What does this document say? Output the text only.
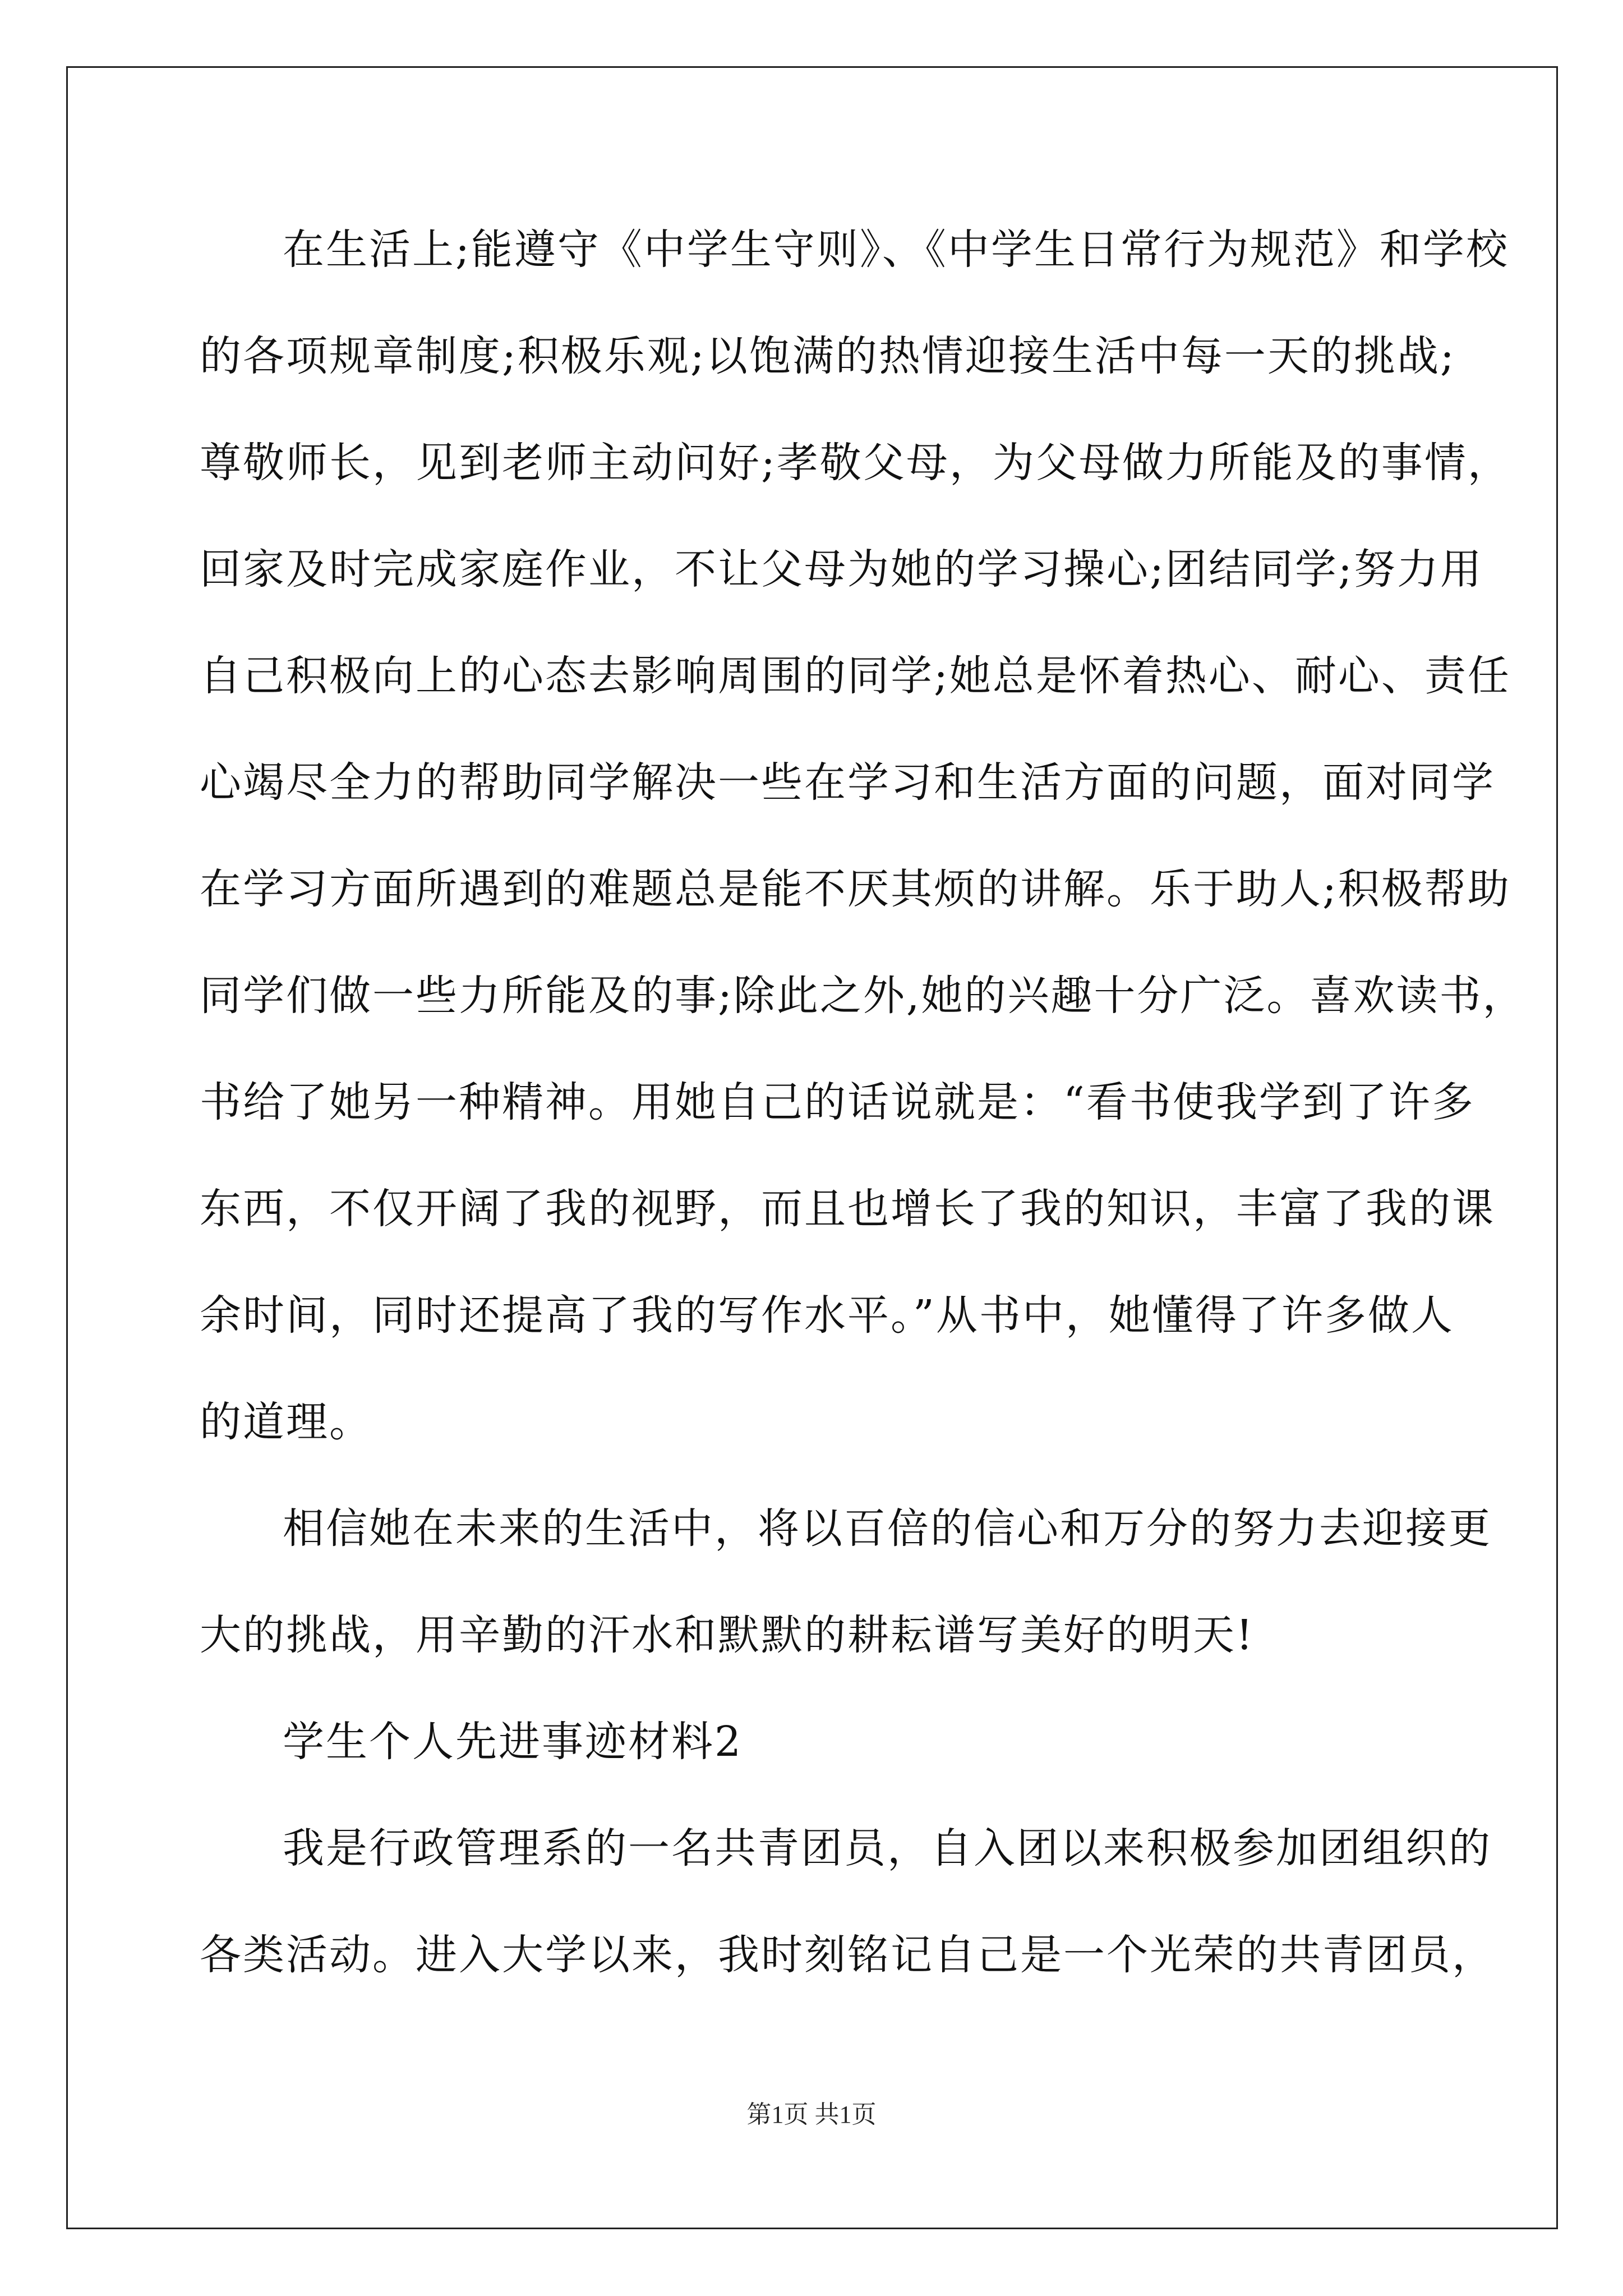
在生活上;能遵守《中学生守则》、《中学生日常行为规范》和学校
的各项规章制度;积极乐观;以饱满的热情迎接生活中每一天的挑战;
尊敬师长，见到老师主动问好;孝敬父母，为父母做力所能及的事情，
回家及时完成家庭作业，不让父母为她的学习操心;团结同学;努力用
自己积极向上的心态去影响周围的同学;她总是怀着热心、耐心、责任
心竭尽全力的帮助同学解决一些在学习和生活方面的问题，面对同学
在学习方面所遇到的难题总是能不厌其烦的讲解。乐于助人;积极帮助
同学们做一些力所能及的事;除此之外,她的兴趣十分广泛。喜欢读书，
书给了她另一种精神。用她自己的话说就是：“看书使我学到了许多
东西，不仅开阔了我的视野，而且也增长了我的知识，丰富了我的课
余时间，同时还提高了我的写作水平。”从书中，她懂得了许多做人
的道理。
相信她在未来的生活中，将以百倍的信心和万分的努力去迎接更
大的挑战，用辛勤的汗水和默默的耕耘谱写美好的明天!
学生个人先进事迹材料2
我是行政管理系的一名共青团员，自入团以来积极参加团组织的
各类活动。进入大学以来，我时刻铭记自己是一个光荣的共青团员，
第1页 共1页
